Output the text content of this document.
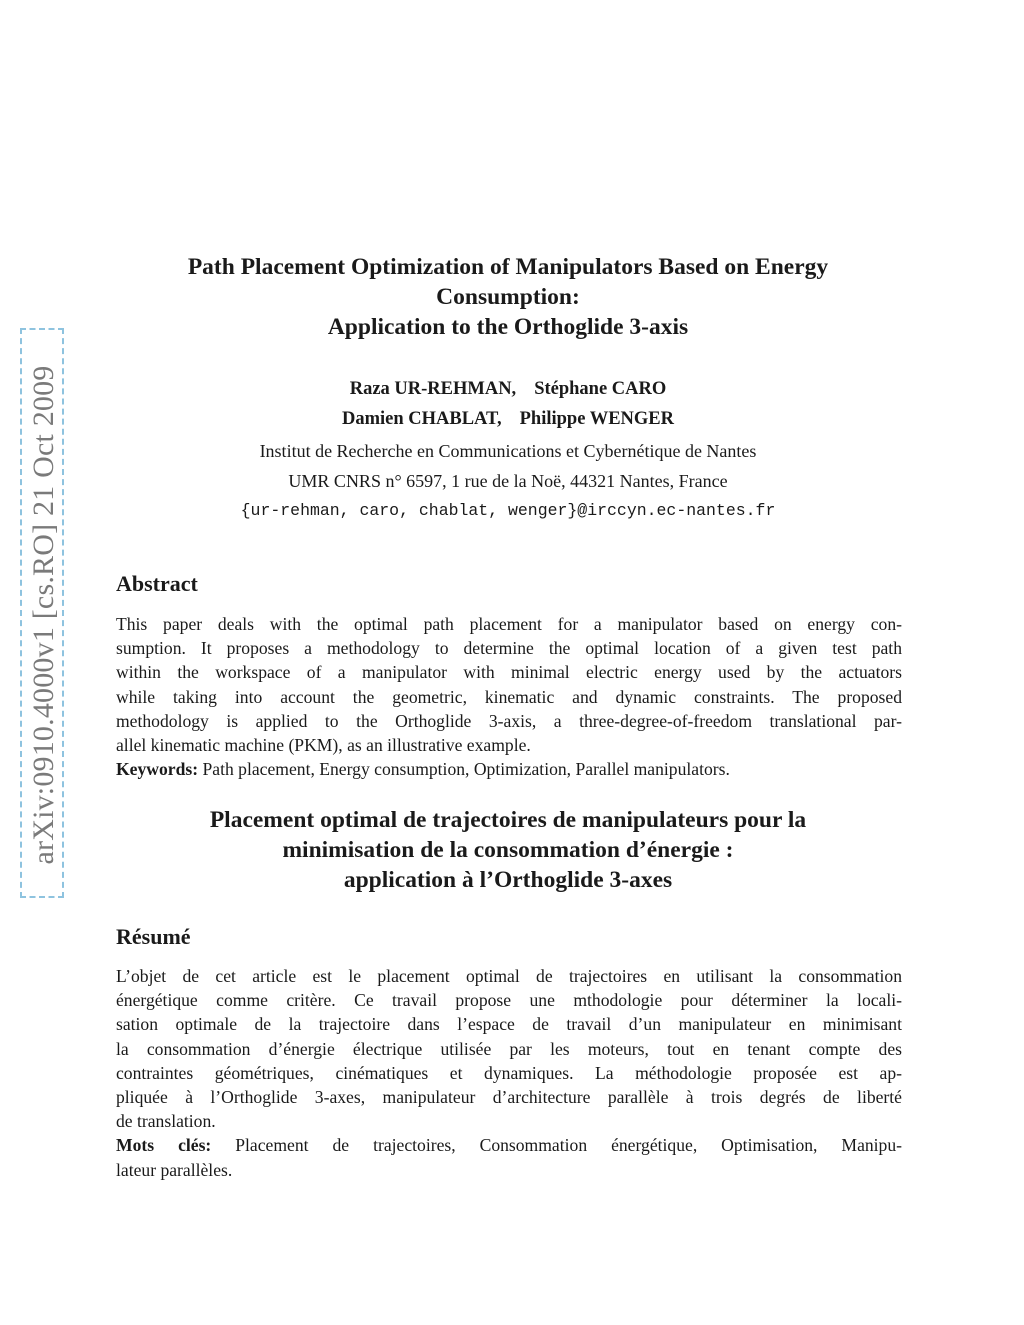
arXiv:0910.4000v1 [cs.RO] 21 Oct 2009
Path Placement Optimization of Manipulators Based on Energy
Consumption:
Application to the Orthoglide 3-axis
Raza UR-REHMAN, Stéphane CARO
Damien CHABLAT, Philippe WENGER
Institut de Recherche en Communications et Cybernétique de Nantes
UMR CNRS n° 6597, 1 rue de la Noë, 44321 Nantes, France
{ur-rehman, caro, chablat, wenger}@irccyn.ec-nantes.fr
Abstract
This paper deals with the optimal path placement for a manipulator based on energy con-
sumption. It proposes a methodology to determine the optimal location of a given test path
within the workspace of a manipulator with minimal electric energy used by the actuators
while taking into account the geometric, kinematic and dynamic constraints. The proposed
methodology is applied to the Orthoglide 3-axis, a three-degree-of-freedom translational par-
allel kinematic machine (PKM), as an illustrative example.
Keywords: Path placement, Energy consumption, Optimization, Parallel manipulators.
Placement optimal de trajectoires de manipulateurs pour la
minimisation de la consommation d’énergie :
application à l’Orthoglide 3-axes
Résumé
L’objet de cet article est le placement optimal de trajectoires en utilisant la consommation
énergétique comme critère. Ce travail propose une mthodologie pour déterminer la locali-
sation optimale de la trajectoire dans l’espace de travail d’un manipulateur en minimisant
la consommation d’énergie électrique utilisée par les moteurs, tout en tenant compte des
contraintes géométriques, cinématiques et dynamiques. La méthodologie proposée est ap-
pliquée à l’Orthoglide 3-axes, manipulateur d’architecture parallèle à trois degrés de liberté
de translation.
Mots clés: Placement de trajectoires, Consommation énergétique, Optimisation, Manipu-
lateur parallèles.
